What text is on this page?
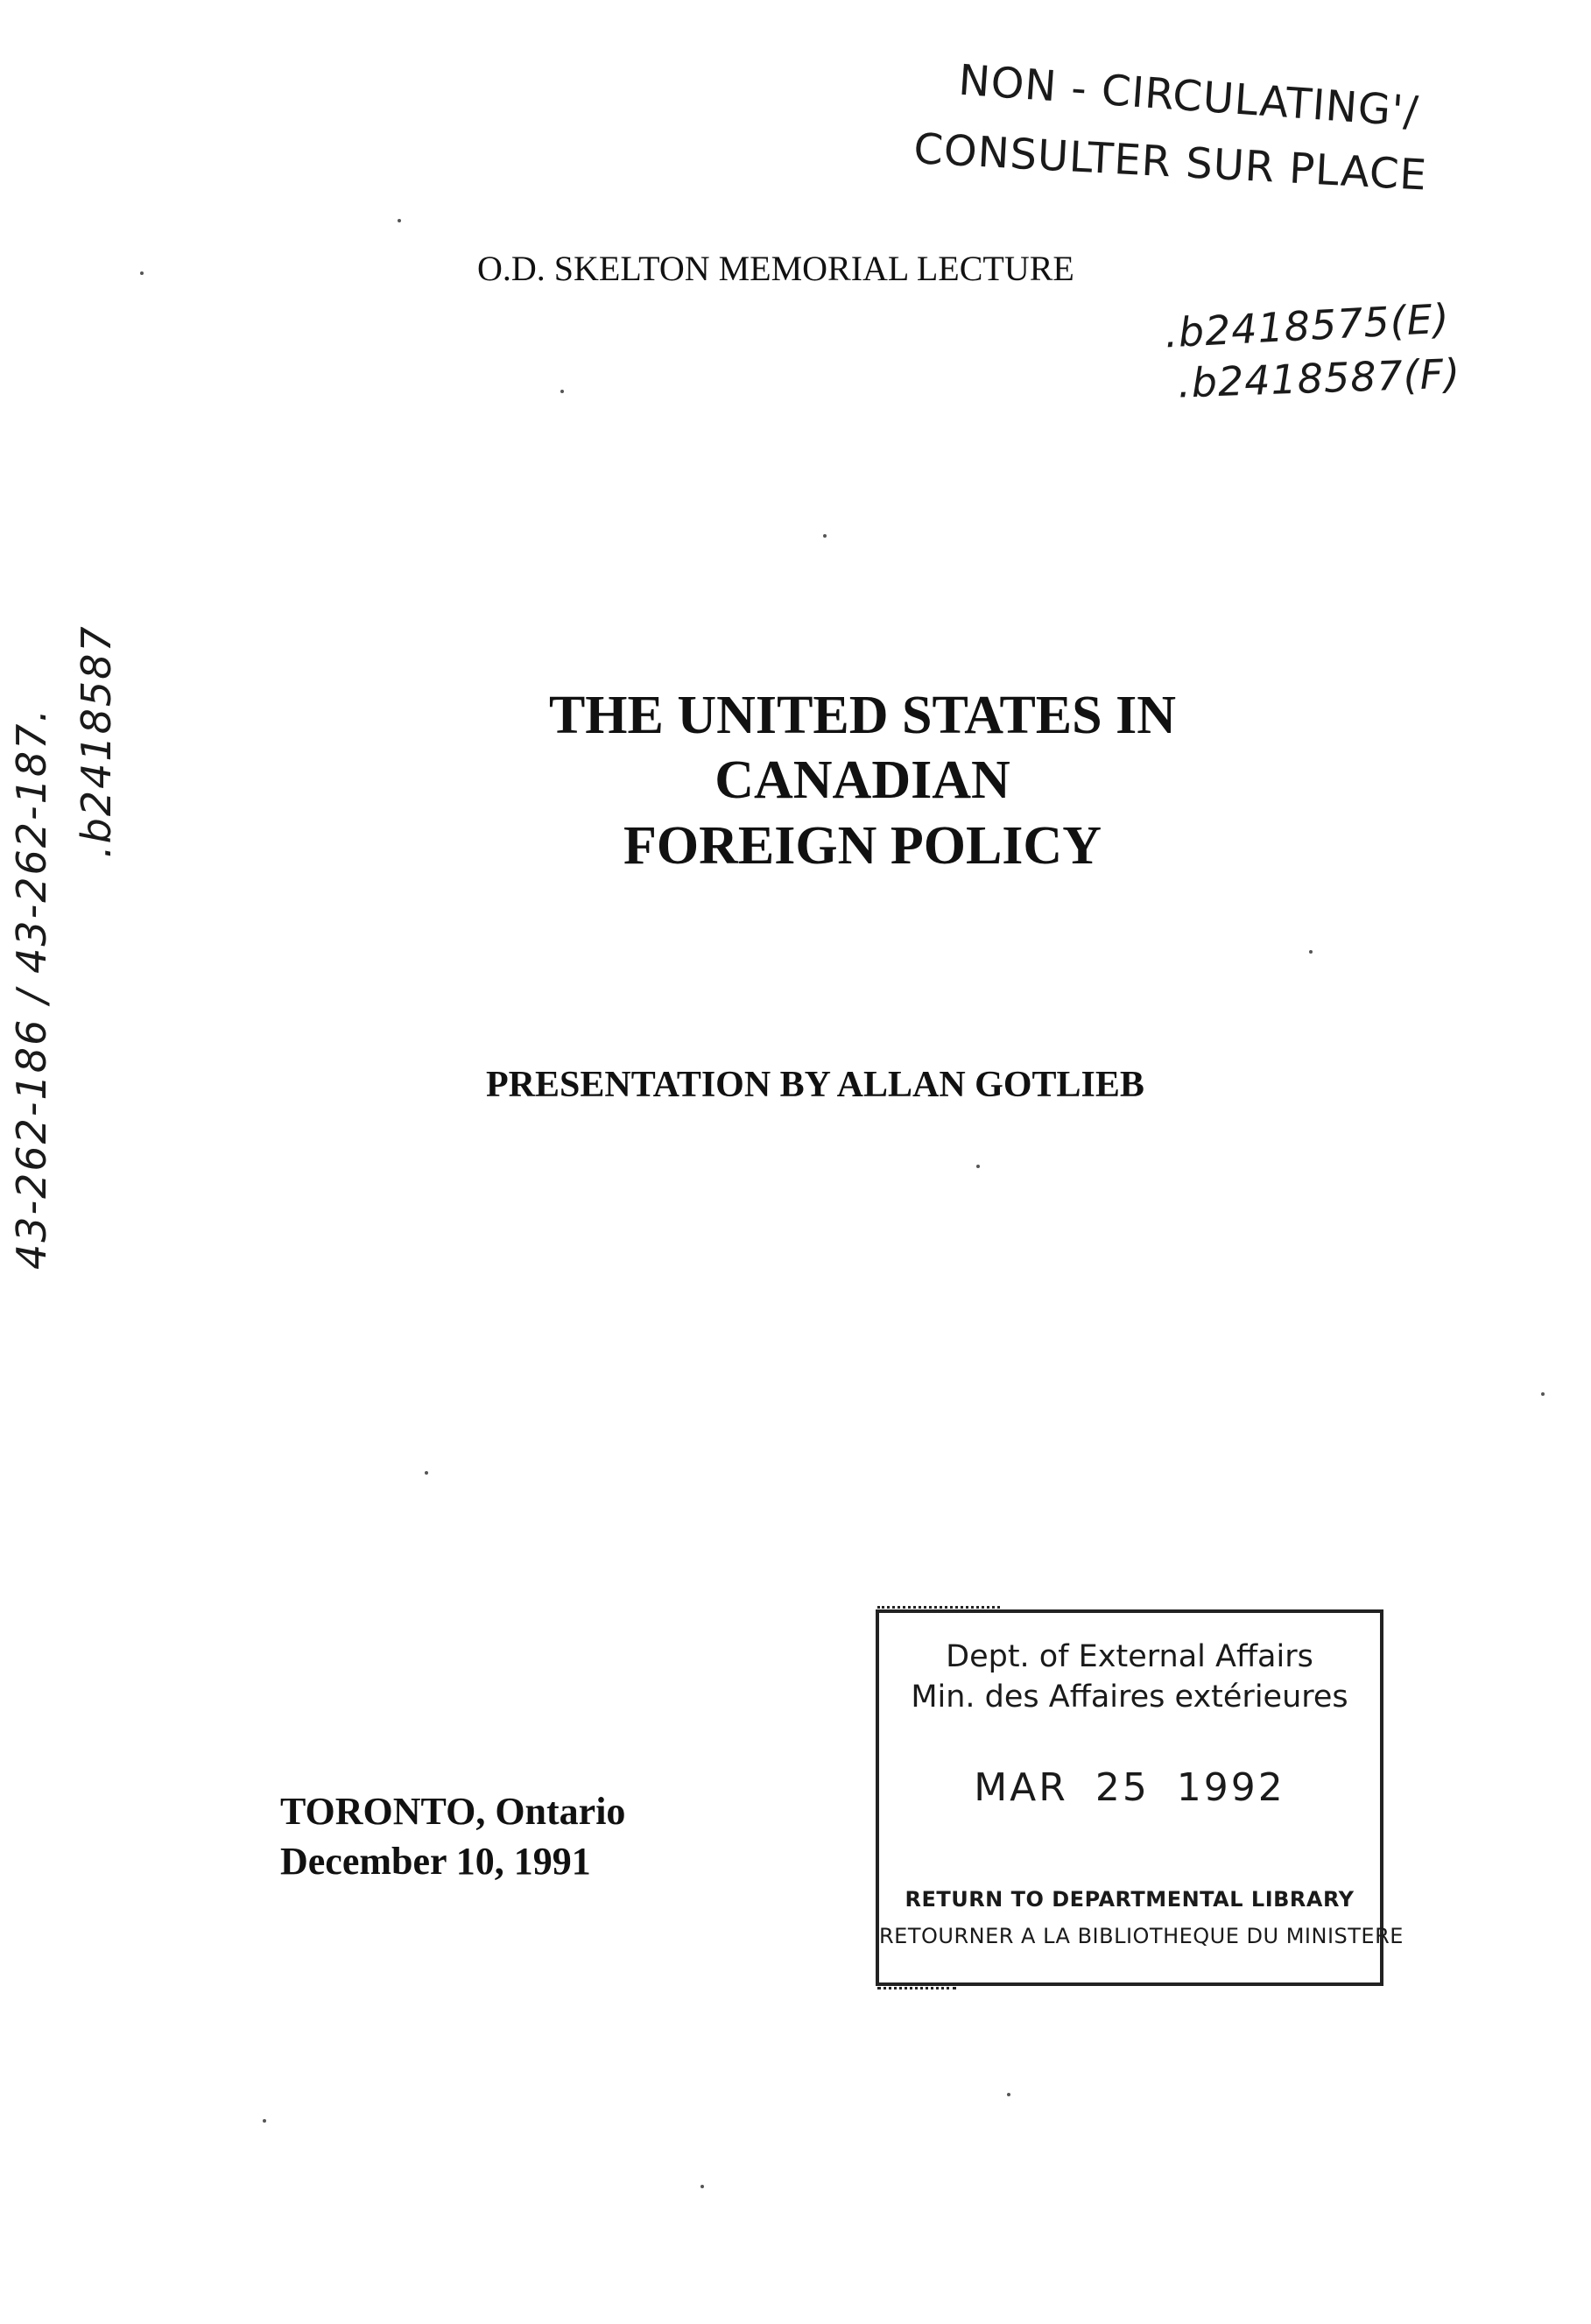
NON - CIRCULATING'/
CONSULTER SUR PLACE
O.D. SKELTON MEMORIAL LECTURE
.b2418575(E)
.b2418587(F)
43-262-186 / 43-262-187. .b2418587	THE UNITED STATES IN
CANADIAN
FOREIGN POLICY
PRESENTATION BY ALLAN GOTLIEB
TORONTO, Ontario
December 10, 1991
Dept. of External Affairs
Min. des Affaires extérieures
MAR 25 1992
RETURN TO DEPARTMENTAL LIBRARY
RETOURNER A LA BIBLIOTHEQUE DU MINISTERE
